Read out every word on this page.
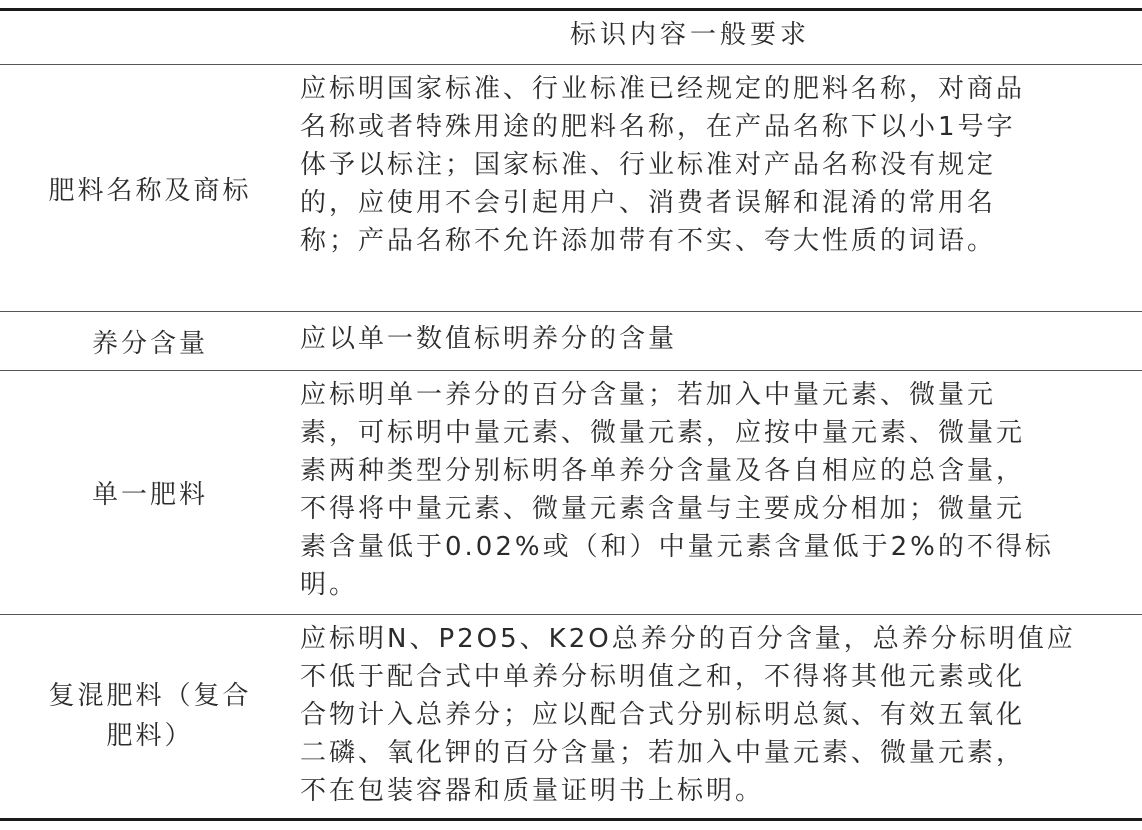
标识内容一般要求
肥料名称及商标
应标明国家标准、行业标准已经规定的肥料名称，对商品
名称或者特殊用途的肥料名称，在产品名称下以小1号字
体予以标注；国家标准、行业标准对产品名称没有规定
的，应使用不会引起用户、消费者误解和混淆的常用名
称；产品名称不允许添加带有不实、夸大性质的词语。
养分含量	应以单一数值标明养分的含量
单一肥料
应标明单一养分的百分含量；若加入中量元素、微量元
素，可标明中量元素、微量元素，应按中量元素、微量元
素两种类型分别标明各单养分含量及各自相应的总含量，
不得将中量元素、微量元素含量与主要成分相加；微量元
素含量低于0.02%或（和）中量元素含量低于2%的不得标
明。
复混肥料（复合
肥料）
应标明N、P2O5、K2O总养分的百分含量，总养分标明值应
不低于配合式中单养分标明值之和，不得将其他元素或化
合物计入总养分；应以配合式分别标明总氮、有效五氧化
二磷、氧化钾的百分含量；若加入中量元素、微量元素，
不在包装容器和质量证明书上标明。
